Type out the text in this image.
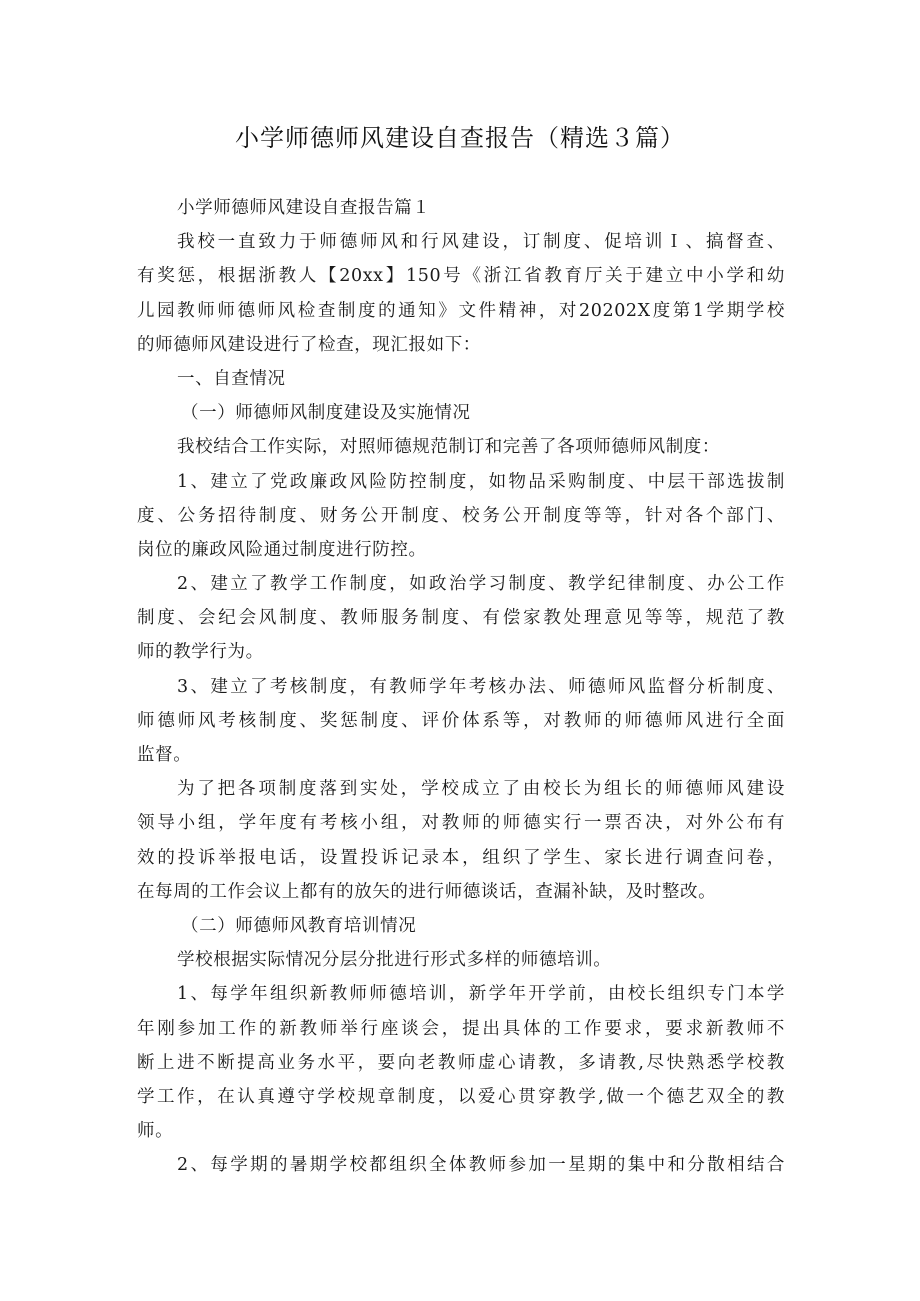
小学师德师风建设自查报告（精选３篇）
小学师德师风建设自查报告篇１
我校一直致力于师德师风和行风建设，订制度、促培训Ｉ、搞督查、
有奖惩，根据浙教人【20xx】150号《浙江省教育厅关于建立中小学和幼
儿园教师师德师风检查制度的通知》文件精神，对20202X度第1学期学校
的师德师风建设进行了检查，现汇报如下：
一、自查情况
（一）师德师风制度建设及实施情况
我校结合工作实际，对照师德规范制订和完善了各项师德师风制度：
1、建立了党政廉政风险防控制度，如物品采购制度、中层干部选拔制
度、公务招待制度、财务公开制度、校务公开制度等等，针对各个部门、
岗位的廉政风险通过制度进行防控。
2、建立了教学工作制度，如政治学习制度、教学纪律制度、办公工作
制度、会纪会风制度、教师服务制度、有偿家教处理意见等等，规范了教
师的教学行为。
3、建立了考核制度，有教师学年考核办法、师德师风监督分析制度、
师德师风考核制度、奖惩制度、评价体系等，对教师的师德师风进行全面
监督。
为了把各项制度落到实处，学校成立了由校长为组长的师德师风建设
领导小组，学年度有考核小组，对教师的师德实行一票否决，对外公布有
效的投诉举报电话，设置投诉记录本，组织了学生、家长进行调查问卷，
在每周的工作会议上都有的放矢的进行师德谈话，查漏补缺，及时整改。
（二）师德师风教育培训情况
学校根据实际情况分层分批进行形式多样的师德培训。
1、每学年组织新教师师德培训，新学年开学前，由校长组织专门本学
年刚参加工作的新教师举行座谈会，提出具体的工作要求，要求新教师不
断上进不断提高业务水平，要向老教师虚心请教，多请教,尽快熟悉学校教
学工作，在认真遵守学校规章制度，以爱心贯穿教学,做一个德艺双全的教
师。
2、每学期的暑期学校都组织全体教师参加一星期的集中和分散相结合
